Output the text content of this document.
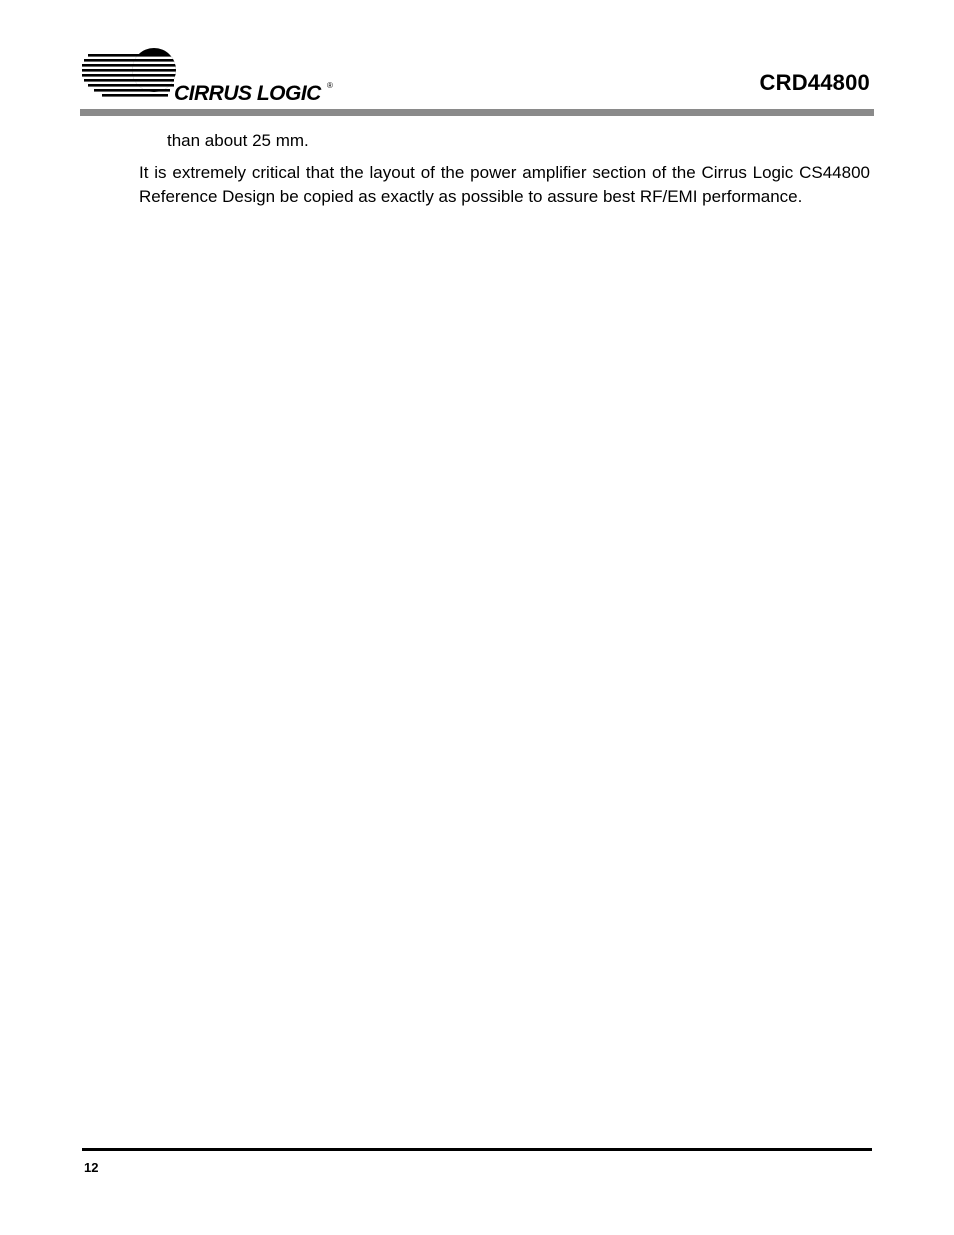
CIRRUS LOGIC ®	CRD44800
than about 25 mm.
It is extremely critical that the layout of the power amplifier section of the Cirrus Logic CS44800 Reference Design be copied as exactly as possible to assure best RF/EMI performance.
12
